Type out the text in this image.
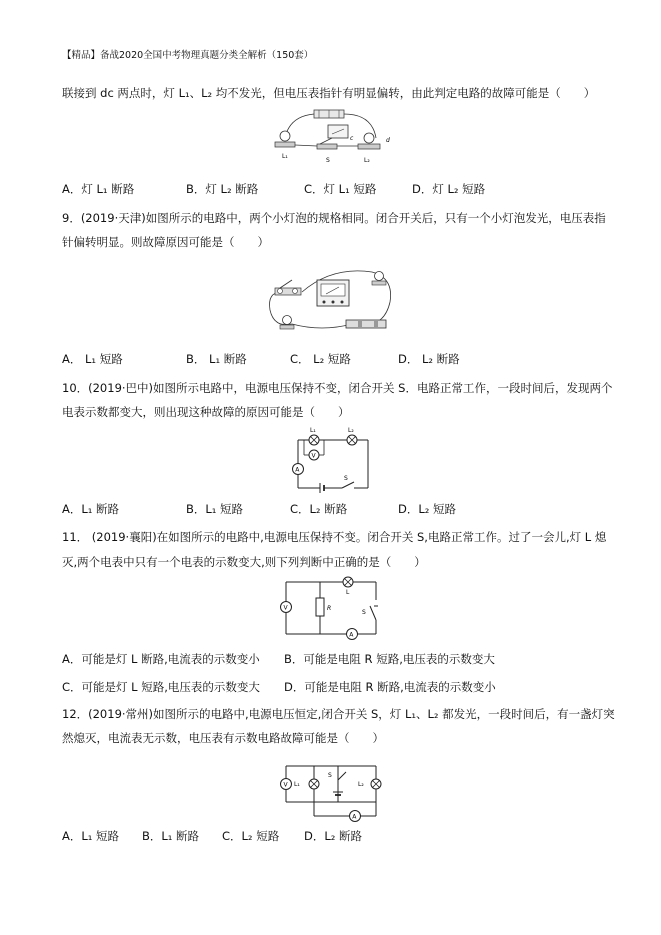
【精品】备战2020全国中考物理真题分类全解析（150套）
联接到 dc 两点时，灯 L₁、L₂ 均不发光，但电压表指针有明显偏转，由此判定电路的故障可能是（　　）
L₁
S	L₂
c	d
A．灯 L₁ 断路	B．灯 L₂ 断路	C．灯 L₁ 短路	D．灯 L₂ 短路
9．(2019·天津)如图所示的电路中，两个小灯泡的规格相同。闭合开关后，只有一个小灯泡发光，电压表指
针偏转明显。则故障原因可能是（　　）
A． L₁ 短路	B． L₁ 断路	C． L₂ 短路	D． L₂ 断路
10．(2019·巴中)如图所示电路中，电源电压保持不变，闭合开关 S．电路正常工作，一段时间后，发现两个
电表示数都变大，则出现这种故障的原因可能是（　　）
V
A
L₁	L₂
S
A．L₁ 断路	B．L₁ 短路	C．L₂ 断路	D．L₂ 短路
11． (2019·襄阳)在如图所示的电路中,电源电压保持不变。闭合开关 S,电路正常工作。过了一会儿,灯 L 熄
灭,两个电表中只有一个电表的示数变大,则下列判断中正确的是（　　）
V
A
R
L
S
A．可能是灯 L 断路,电流表的示数变小 B．可能是电阻 R 短路,电压表的示数变大
C．可能是灯 L 短路,电压表的示数变大 D．可能是电阻 R 断路,电流表的示数变小
12．(2019·常州)如图所示的电路中,电源电压恒定,闭合开关 S，灯 L₁、L₂ 都发光，一段时间后，有一盏灯突
然熄灭，电流表无示数，电压表有示数电路故障可能是（　　）
V
A
L₁
S
L₂
A．L₁ 短路 B．L₁ 断路 C．L₂ 短路 D．L₂ 断路
